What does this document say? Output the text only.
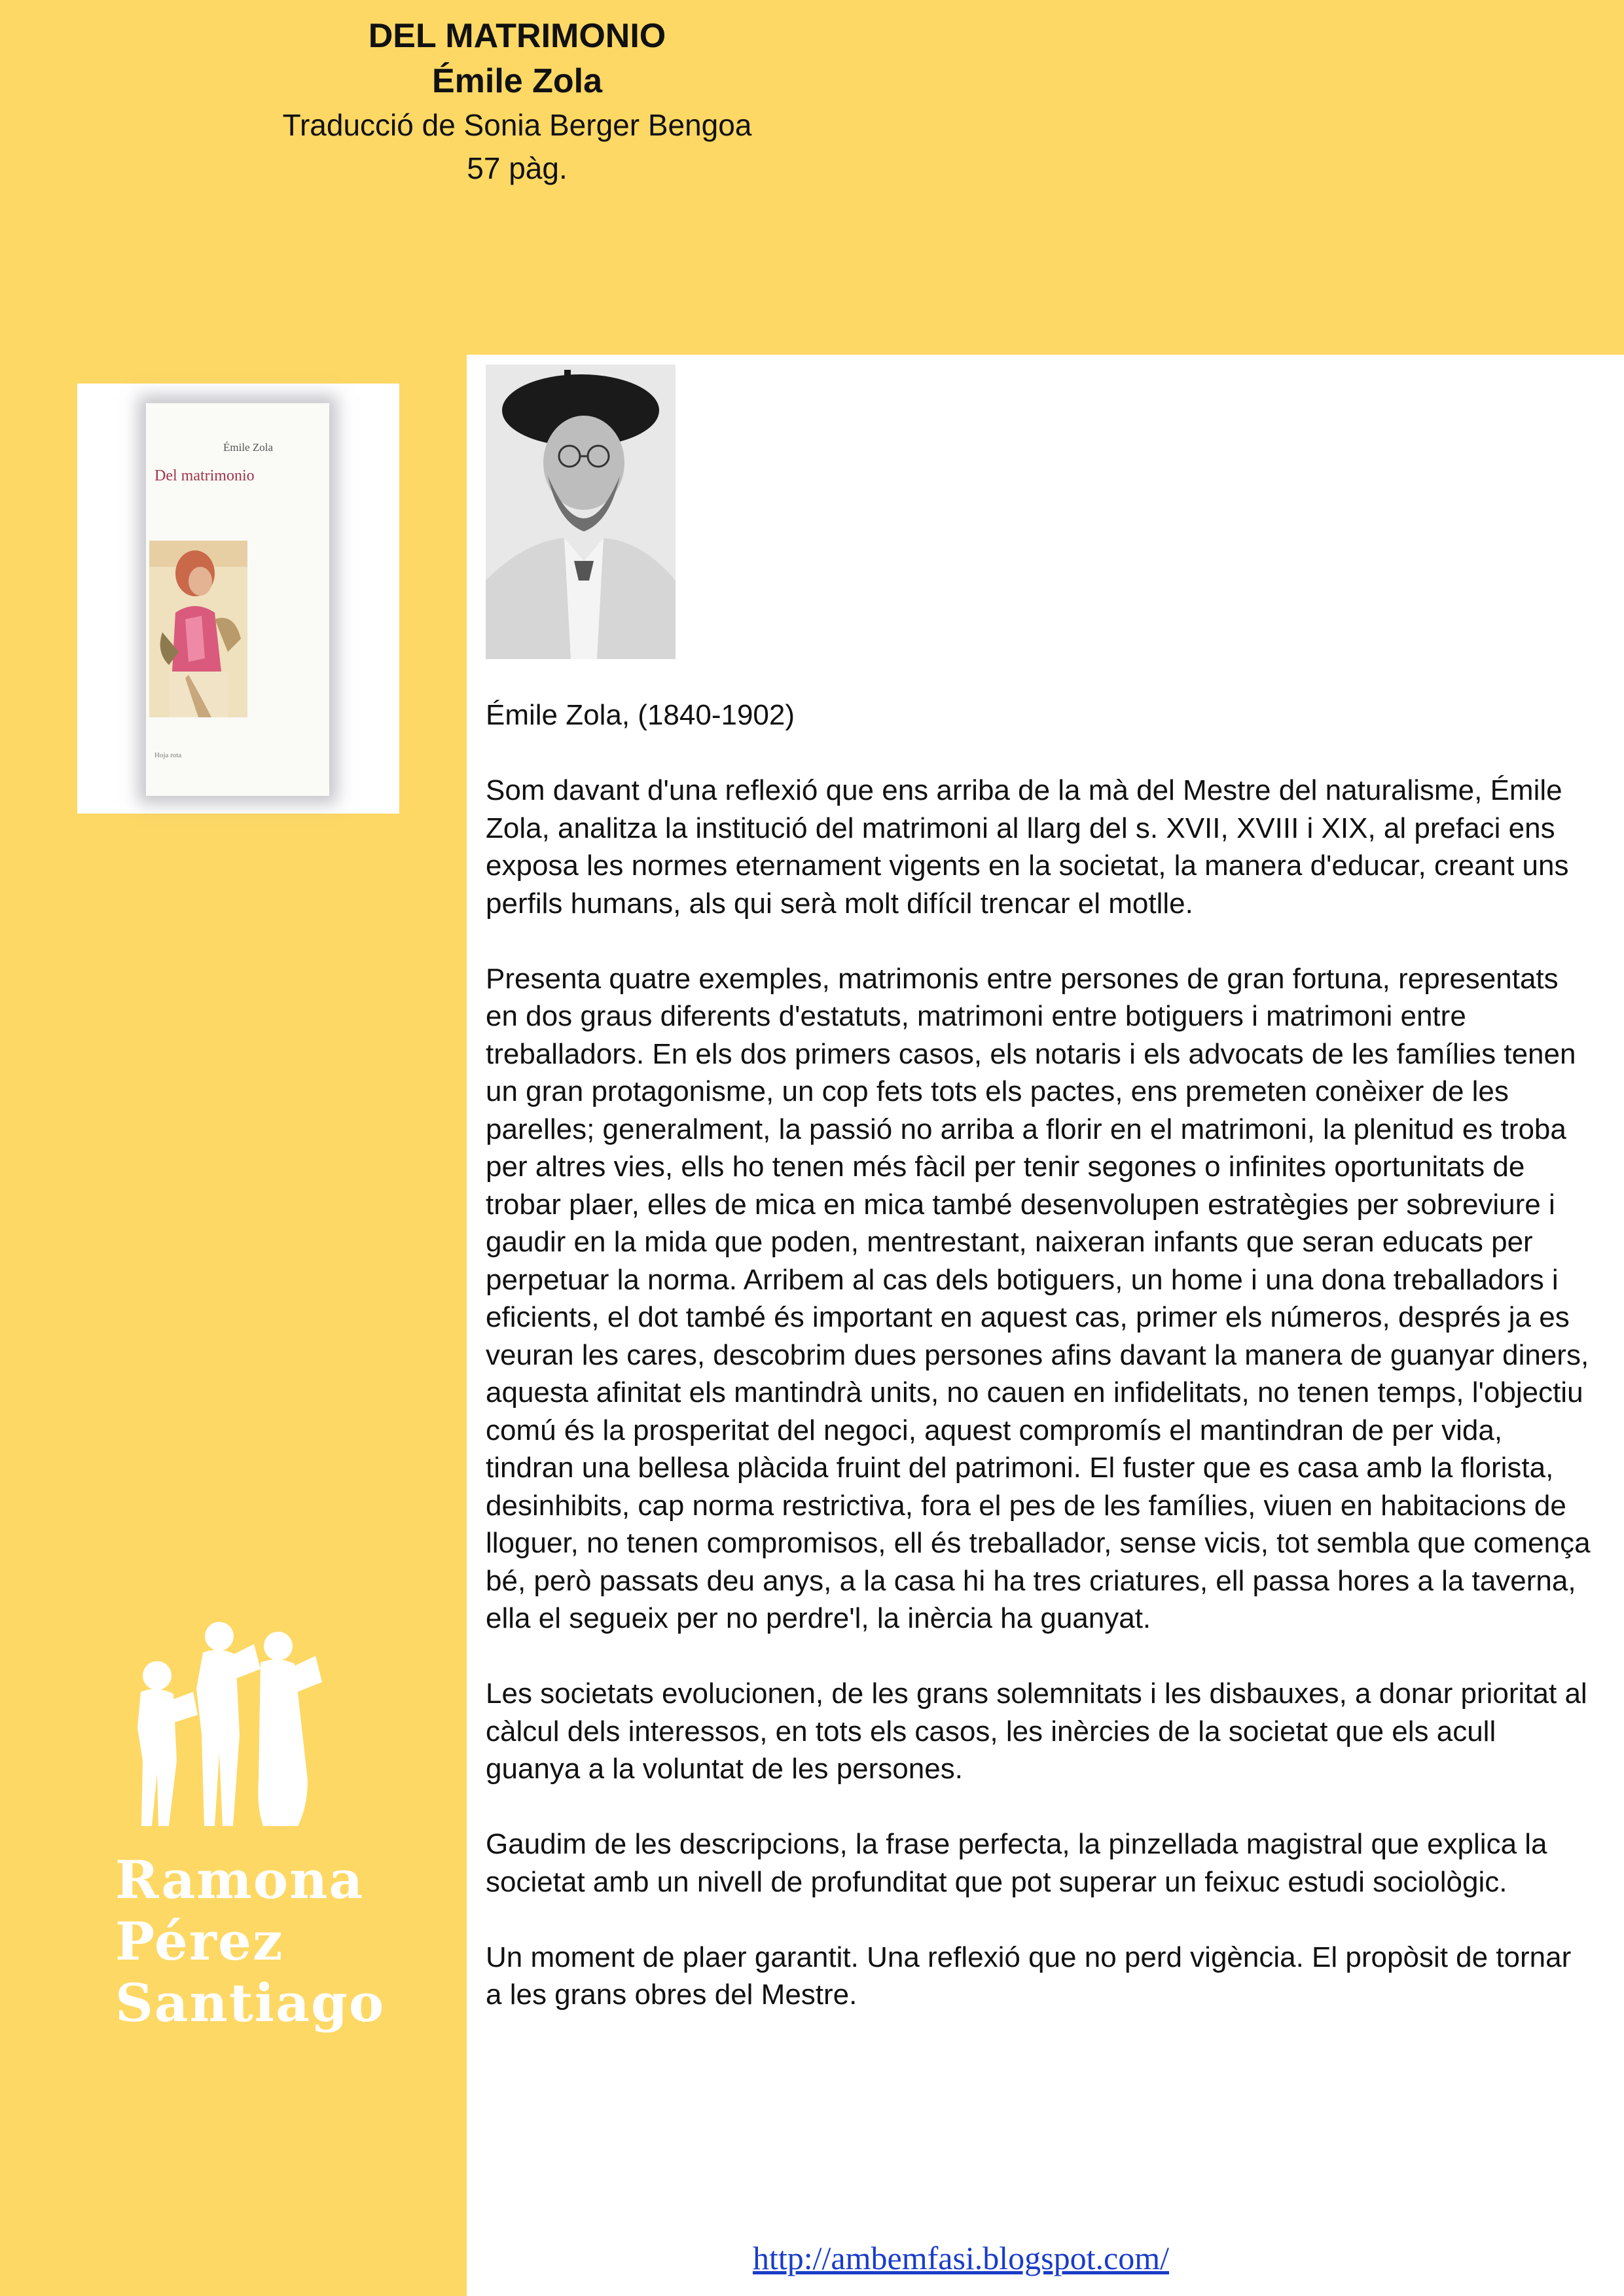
DEL MATRIMONIO
Émile Zola
Traducció de Sonia Berger Bengoa
57 pàg.
Émile Zola
Del matrimonio
Hoja rota
Ramona
Pérez
Santiago

Émile Zola, (1840-1902)

Som davant d'una reflexió que ens arriba de la mà del Mestre del naturalisme, Émile Zola, analitza la institució del matrimoni al llarg del s. XVII, XVIII i XIX, al prefaci ens exposa les normes eternament vigents en la societat, la manera d'educar, creant uns perfils humans, als qui serà molt difícil trencar el motlle.

Presenta quatre exemples, matrimonis entre persones de gran fortuna, representats en dos graus diferents d'estatuts, matrimoni entre botiguers i matrimoni entre treballadors. En els dos primers casos, els notaris i els advocats de les famílies tenen un gran protagonisme, un cop fets tots els pactes, ens premeten conèixer de les parelles; generalment, la passió no arriba a florir en el matrimoni, la plenitud es troba per altres vies, ells ho tenen més fàcil per tenir segones o infinites oportunitats de trobar plaer, elles de mica en mica també desenvolupen estratègies per sobreviure i gaudir en la mida que poden, mentrestant, naixeran infants que seran educats per perpetuar la norma. Arribem al cas dels botiguers, un home i una dona treballadors i eficients, el dot també és important en aquest cas, primer els números, després ja es veuran les cares, descobrim dues persones afins davant la manera de guanyar diners, aquesta afinitat els mantindrà units, no cauen en infidelitats, no tenen temps, l'objectiu comú és la prosperitat del negoci, aquest compromís el mantindran de per vida, tindran una bellesa plàcida fruint del patrimoni. El fuster que es casa amb la florista, desinhibits, cap norma restrictiva, fora el pes de les famílies, viuen en habitacions de lloguer, no tenen compromisos, ell és treballador, sense vicis, tot sembla que comença bé, però passats deu anys, a la casa hi ha tres criatures, ell passa hores a la taverna, ella el segueix per no perdre'l, la inèrcia ha guanyat.

Les societats evolucionen, de les grans solemnitats i les disbauxes, a donar prioritat al càlcul dels interessos, en tots els casos, les inèrcies de la societat que els acull guanya a la voluntat de les persones.

Gaudim de les descripcions, la frase perfecta, la pinzellada magistral que explica la societat amb un nivell de profunditat que pot superar un feixuc estudi sociològic.

Un moment de plaer garantit. Una reflexió que no perd vigència. El propòsit de tornar a les grans obres del Mestre.

http://ambemfasi.blogspot.com/
